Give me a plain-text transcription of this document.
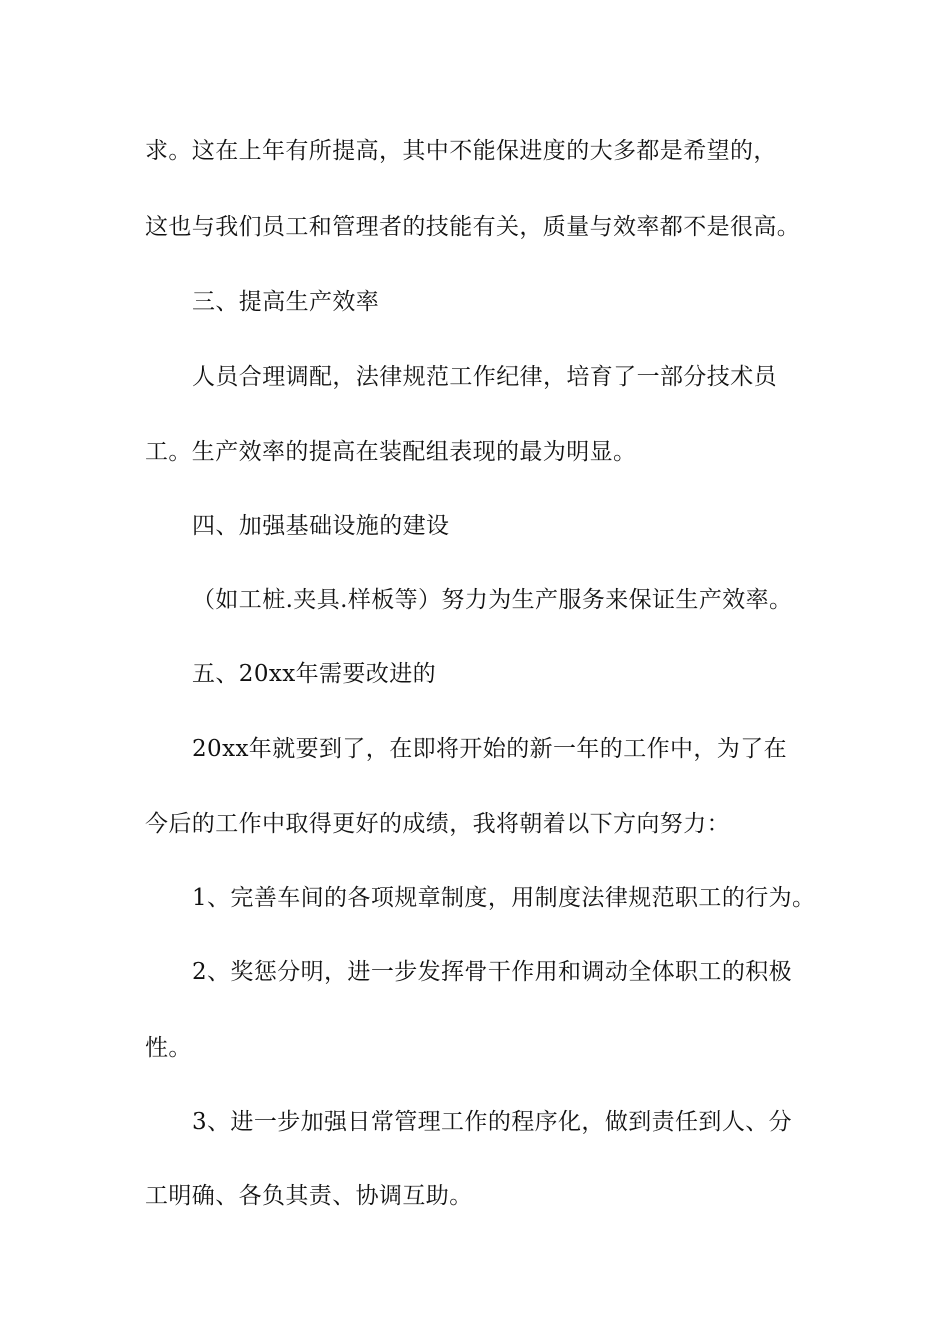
求。这在上年有所提高，其中不能保进度的大多都是希望的，

这也与我们员工和管理者的技能有关，质量与效率都不是很高。

三、提高生产效率

人员合理调配，法律规范工作纪律，培育了一部分技术员

工。生产效率的提高在装配组表现的最为明显。

四、加强基础设施的建设

（如工桩.夹具.样板等）努力为生产服务来保证生产效率。

五、20xx年需要改进的

20xx年就要到了，在即将开始的新一年的工作中，为了在

今后的工作中取得更好的成绩，我将朝着以下方向努力：

1、完善车间的各项规章制度，用制度法律规范职工的行为。

2、奖惩分明，进一步发挥骨干作用和调动全体职工的积极

性。

3、进一步加强日常管理工作的程序化，做到责任到人、分

工明确、各负其责、协调互助。
